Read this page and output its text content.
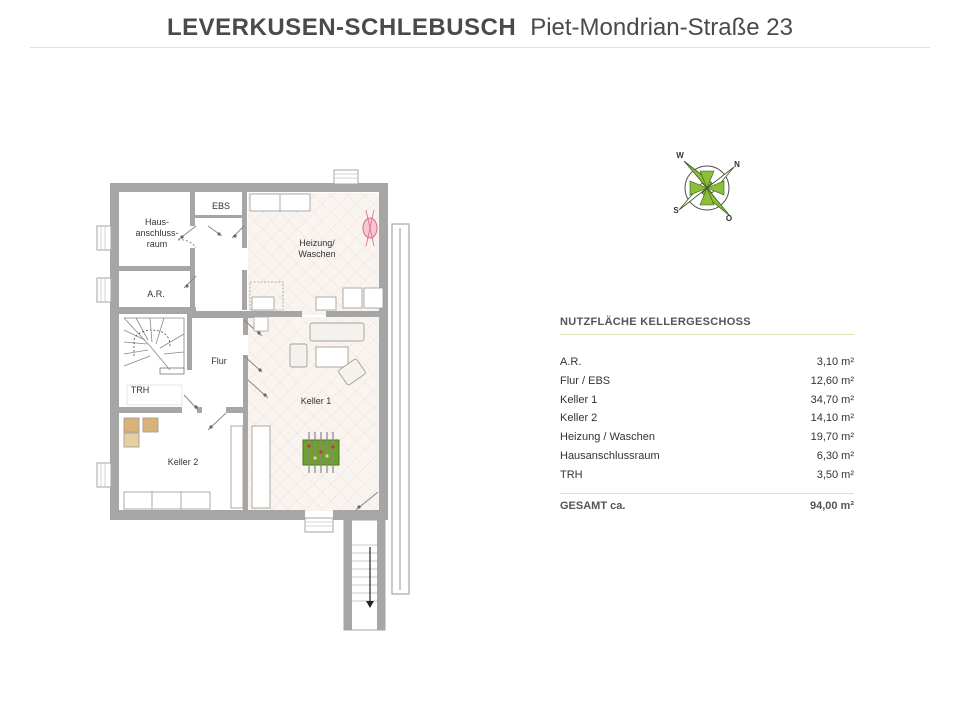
LEVERKUSEN-SCHLEBUSCH Piet-Mondrian-Straße 23
Haus-
anschluss-
raum
EBS
Heizung/
Waschen
A.R.
Flur
TRH
Keller 1
Keller 2
W
N
S
O
NUTZFLÄCHE KELLERGESCHOSS
A.R.	3,10 m²
Flur / EBS	12,60 m²
Keller 1	34,70 m²
Keller 2	14,10 m²
Heizung / Waschen	19,70 m²
Hausanschlussraum	6,30 m²
TRH	3,50 m²
GESAMT ca.	94,00 m²
